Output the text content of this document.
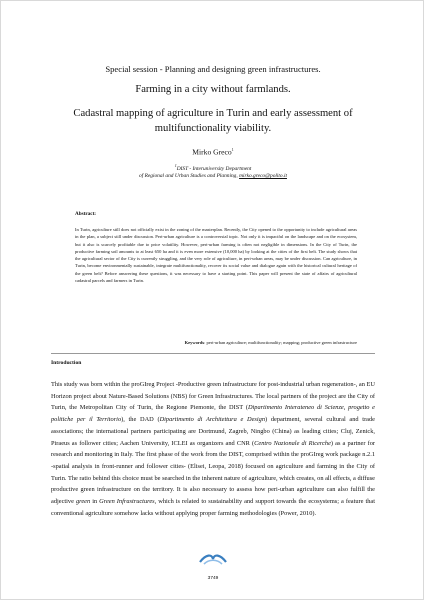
Special session - Planning and designing green infrastructures.
Farming in a city without farmlands.
Cadastral mapping of agriculture in Turin and early assessment of multifunctionality viability.
Mirko Greco$^1$
$^1$DIST - Interuniversity Department
of Regional and Urban Studies and Planning, mirko.greco@polito.it
Abstract:
In Turin, agriculture still does not officially exist in the zoning of the masterplan. Recently, the City opened to the opportunity to include agricultural areas in the plan, a subject still under discussion. Peri-urban agriculture is a controversial topic. Not only it is impactful on the landscape and on the ecosystem, but it also is scarcely profitable due to price volatility. However, peri-urban farming is often not negligible in dimensions. In the City of Turin, the productive farming soil amounts to at least 650 ha and it is even more extensive (10,000 ha) by looking at the cities of the first belt. The study shows that the agricultural sector of the City is currently struggling, and the very role of agriculture, in peri-urban areas, may be under discussion. Can agriculture, in Turin, become environmentally sustainable, integrate multifunctionality, recover its social value and dialogue again with the historical cultural heritage of the green belt? Before answering these questions, it was necessary to have a starting point. This paper will present the state of affairs of agricultural cadastral parcels and farmers in Turin.
Keywords: peri-urban agriculture; multifunctionality; mapping; productive green infrastructure
Introduction

This study was born within the proGIreg Project -Productive green infrastructure for post-industrial urban regeneration-, an EU Horizon project about Nature-Based Solutions (NBS) for Green Infrastructures. The local partners of the project are the City of Turin, the Metropolitan City of Turin, the Regione Piemonte, the DIST (Dipartimento Interateneo di Scienze, progetto e politiche per il Territorio), the DAD (Dipartimento di Architettura e Design) department, several cultural and trade associations; the international partners participating are Dortmund, Zagreb, Ningbo (China) as leading cities; Cluj, Zenick, Piraeus as follower cities; Aachen University, ICLEI as organizers and CNR (Centro Nazionale di Ricerche) as a partner for research and monitoring in Italy. The first phase of the work from the DIST, comprised within the proGIreg work package n.2.1 -spatial analysis in front-runner and follower cities- (Elisei, Leopa, 2018) focused on agriculture and farming in the City of Turin. The ratio behind this choice must be searched in the inherent nature of agriculture, which creates, on all effects, a diffuse productive green infrastructure on the territory. It is also necessary to assess how peri-urban agriculture can also fulfill the adjective green in Green Infrastructures, which is related to sustainability and support towards the ecosystems; a feature that conventional agriculture somehow lacks without applying proper farming methodologies (Power, 2010).

3749
